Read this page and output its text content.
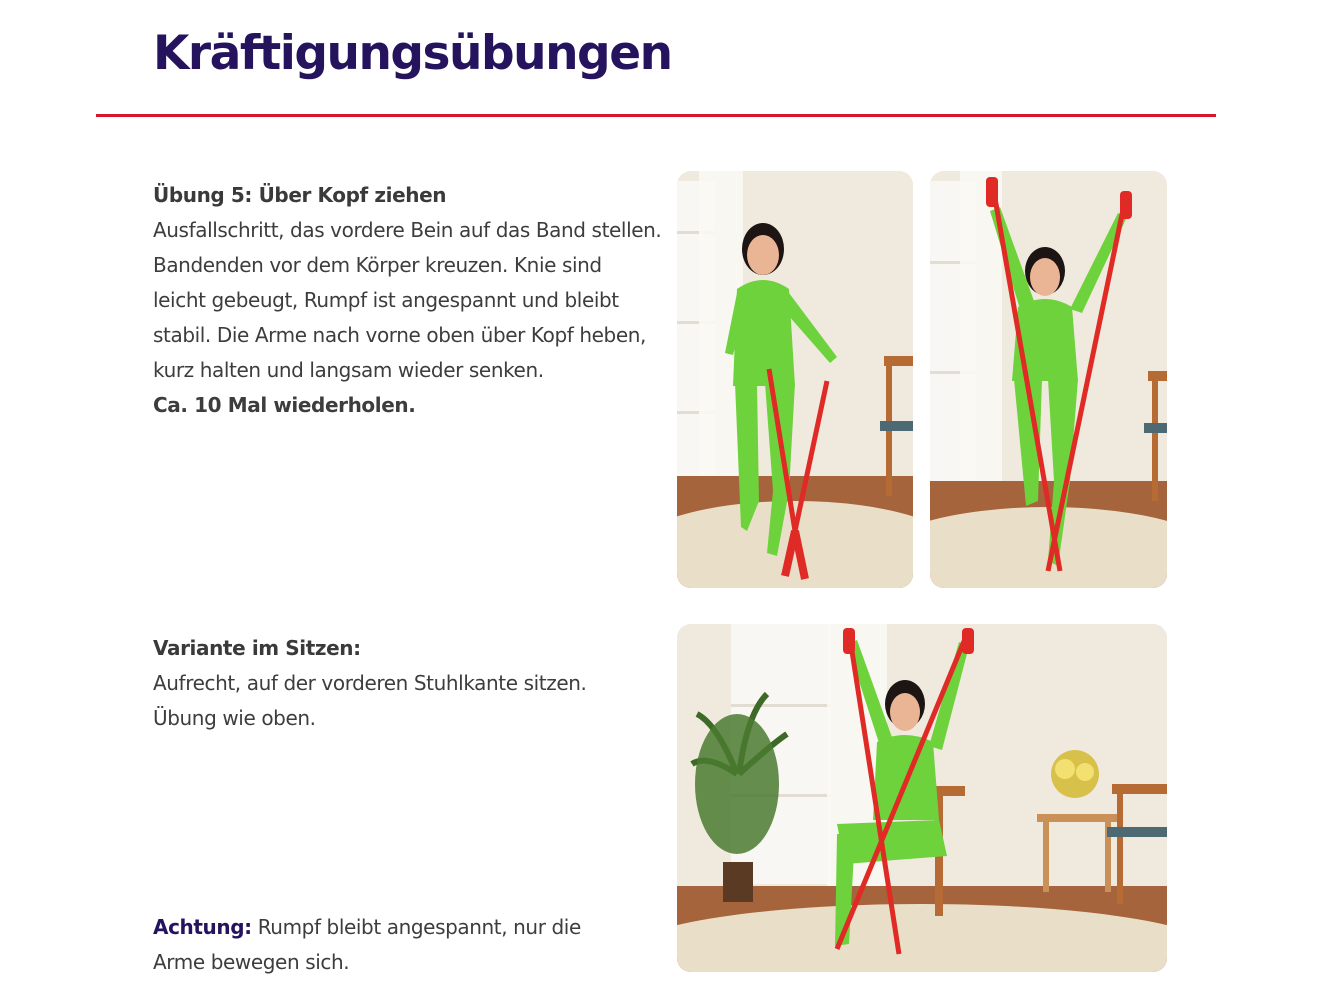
Kräftigungsübungen
Übung 5: Über Kopf ziehen
Ausfallschritt, das vordere Bein auf das Band stellen.
Bandenden vor dem Körper kreuzen. Knie sind
leicht gebeugt, Rumpf ist angespannt und bleibt
stabil. Die Arme nach vorne oben über Kopf heben,
kurz halten und langsam wieder senken.
Ca. 10 Mal wiederholen.
Variante im Sitzen:
Aufrecht, auf der vorderen Stuhlkante sitzen.
Übung wie oben.
Achtung: Rumpf bleibt angespannt, nur die
Arme bewegen sich.
